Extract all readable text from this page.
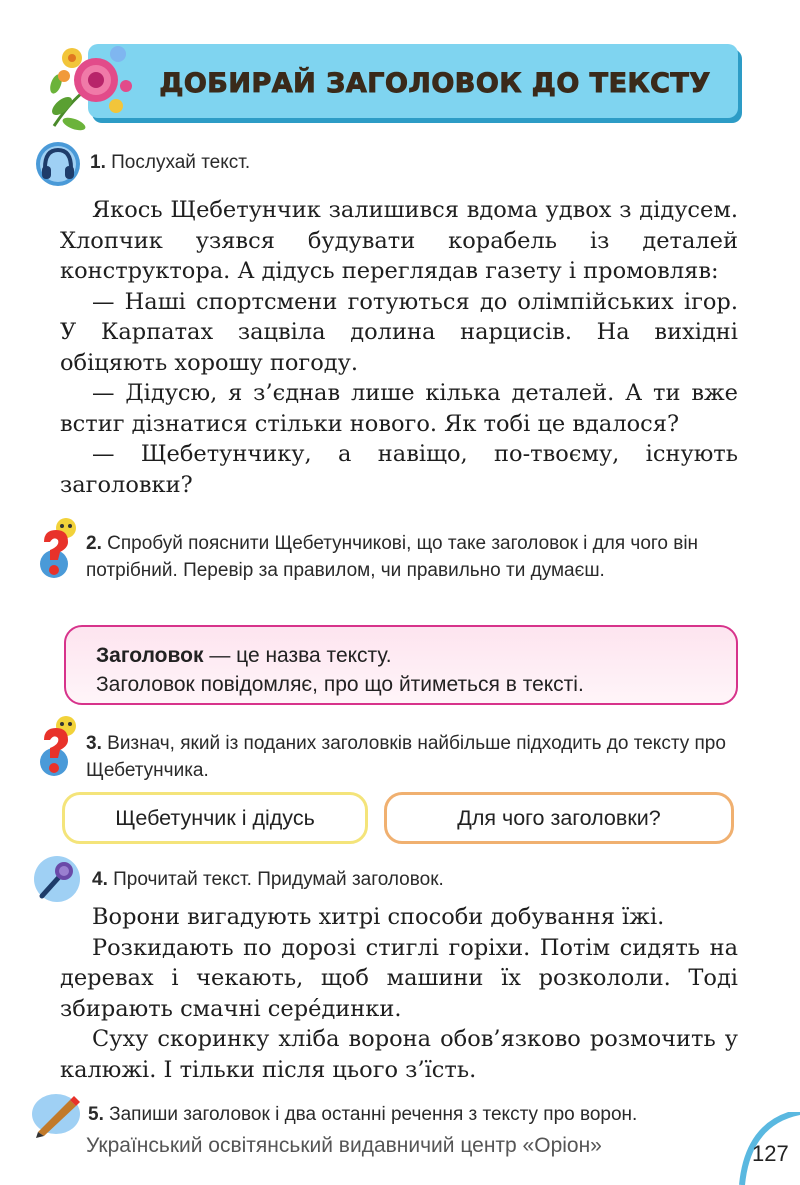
ДОБИРАЙ ЗАГОЛОВОК ДО ТЕКСТУ
1. Послухай текст.

Якось Щебетунчик залишився вдома удвох з дідусем. Хлопчик узявся будувати корабель із деталей конструктора. А дідусь переглядав газету і промовляв:

— Наші спортсмени готуються до олімпійських ігор. У Карпатах зацвіла долина нарцисів. На вихідні обіцяють хорошу погоду.

— Дідусю, я з’єднав лише кілька деталей. А ти вже встиг дізнатися стільки нового. Як тобі це вдалося?

— Щебетунчику, а навіщо, по-твоєму, існують заголовки?

2. Спробуй пояснити Щебетунчикові, що таке заголовок і для чого він потрібний. Перевір за правилом, чи правильно ти думаєш.
Заголовок — це назва тексту.
Заголовок повідомляє, про що йтиметься в тексті.
3. Визнач, який із поданих заголовків найбільше підходить до тексту про Щебетунчика.
Щебетунчик і дідусь	Для чого заголовки?
4. Прочитай текст. Придумай заголовок.

Ворони вигадують хитрі способи добування їжі.

Розкидають по дорозі стиглі горіхи. Потім сидять на деревах і чекають, щоб машини їх розкололи. Тоді збирають смачні серéдинки.

Суху скоринку хліба ворона обов’язково розмочить у калюжі. І тільки після цього з’їсть.

5. Запиши заголовок і два останні речення з тексту про ворон.
Український освітянський видавничий центр «Оріон»	127
